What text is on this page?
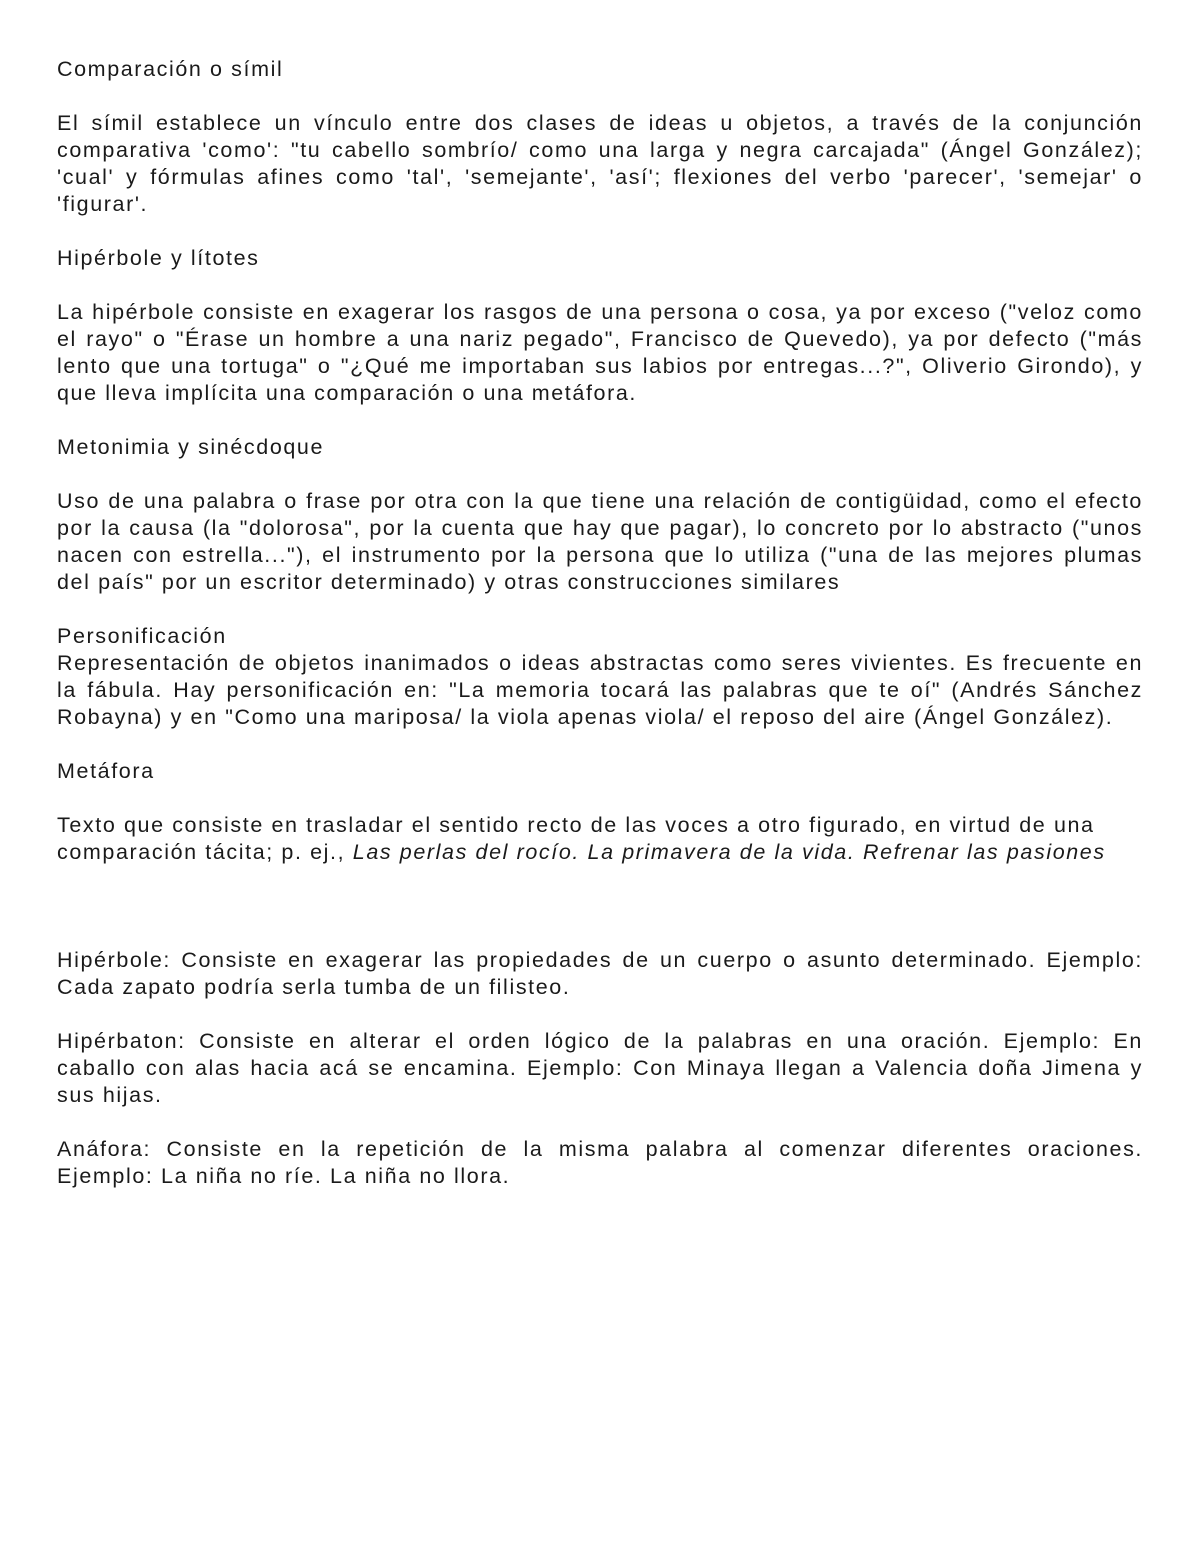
Comparación o símil
El símil establece un vínculo entre dos clases de ideas u objetos, a través de la conjunción comparativa 'como': "tu cabello sombrío/ como una larga y negra carcajada" (Ángel González); 'cual' y fórmulas afines como 'tal', 'semejante', 'así'; flexiones del verbo 'parecer', 'semejar' o 'figurar'.
Hipérbole y lítotes
La hipérbole consiste en exagerar los rasgos de una persona o cosa, ya por exceso ("veloz como el rayo" o "Érase un hombre a una nariz pegado", Francisco de Quevedo), ya por defecto ("más lento que una tortuga" o "¿Qué me importaban sus labios por entregas...?", Oliverio Girondo), y que lleva implícita una comparación o una metáfora.
Metonimia y sinécdoque
Uso de una palabra o frase por otra con la que tiene una relación de contigüidad, como el efecto por la causa (la "dolorosa", por la cuenta que hay que pagar), lo concreto por lo abstracto ("unos nacen con estrella..."), el instrumento por la persona que lo utiliza ("una de las mejores plumas del país" por un escritor determinado) y otras construcciones similares
Personificación
Representación de objetos inanimados o ideas abstractas como seres vivientes. Es frecuente en la fábula. Hay personificación en: "La memoria tocará las palabras que te oí" (Andrés Sánchez Robayna) y en "Como una mariposa/ la viola apenas viola/ el reposo del aire (Ángel González).
Metáfora
Texto que consiste en trasladar el sentido recto de las voces a otro figurado, en virtud de una comparación tácita; p. ej., Las perlas del rocío. La primavera de la vida. Refrenar las pasiones
Hipérbole: Consiste en exagerar las propiedades de un cuerpo o asunto determinado. Ejemplo: Cada zapato podría serla tumba de un filisteo.
Hipérbaton: Consiste en alterar el orden lógico de la palabras en una oración. Ejemplo: En caballo con alas hacia acá se encamina. Ejemplo: Con Minaya llegan a Valencia doña Jimena y sus hijas.
Anáfora: Consiste en la repetición de la misma palabra al comenzar diferentes oraciones. Ejemplo: La niña no ríe. La niña no llora.
